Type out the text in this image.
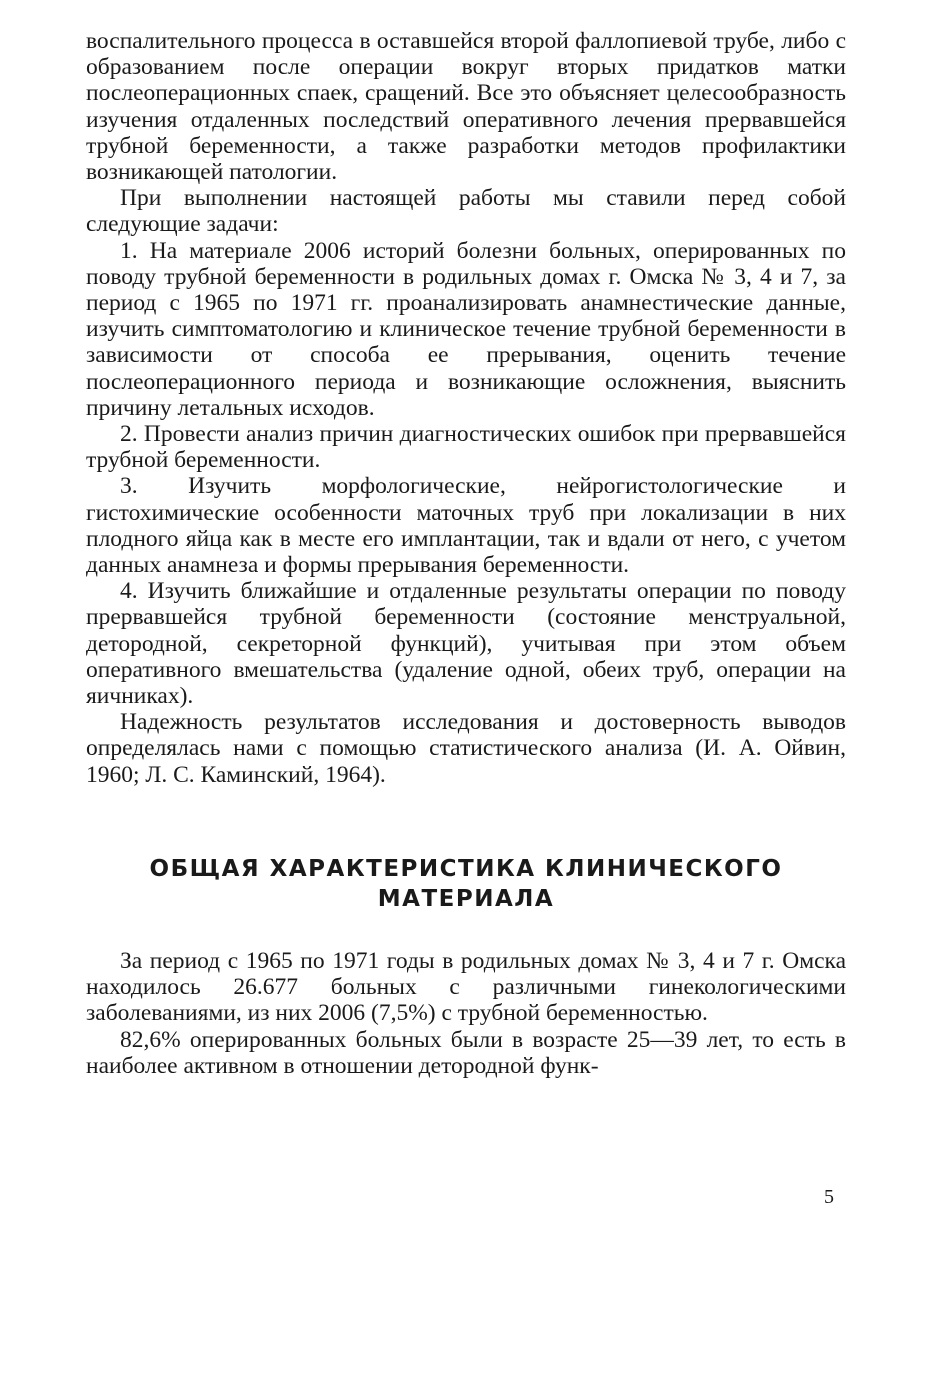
воспалительного процесса в оставшейся второй фаллопиевой трубе, либо с образованием после операции вокруг вторых придатков матки послеоперационных спаек, сращений. Все это объясняет целесообразность изучения отдаленных последствий оперативного лечения прервавшейся трубной беременности, а также разработки методов профилактики возникающей патологии.

При выполнении настоящей работы мы ставили перед собой следующие задачи:

1. На материале 2006 историй болезни больных, оперированных по поводу трубной беременности в родильных домах г. Омска № 3, 4 и 7, за период с 1965 по 1971 гг. проанализировать анамнестические данные, изучить симптоматологию и клиническое течение трубной беременности в зависимости от способа ее прерывания, оценить течение послеоперационного периода и возникающие осложнения, выяснить причину летальных исходов.

2. Провести анализ причин диагностических ошибок при прервавшейся трубной беременности.

3. Изучить морфологические, нейрогистологические и гистохимические особенности маточных труб при локализации в них плодного яйца как в месте его имплантации, так и вдали от него, с учетом данных анамнеза и формы прерывания беременности.

4. Изучить ближайшие и отдаленные результаты операции по поводу прервавшейся трубной беременности (состояние менструальной, детородной, секреторной функций), учитывая при этом объем оперативного вмешательства (удаление одной, обеих труб, операции на яичниках).

Надежность результатов исследования и достоверность выводов определялась нами с помощью статистического анализа (И. А. Ойвин, 1960; Л. С. Каминский, 1964).

ОБЩАЯ ХАРАКТЕРИСТИКА КЛИНИЧЕСКОГО МАТЕРИАЛА

За период с 1965 по 1971 годы в родильных домах № 3, 4 и 7 г. Омска находилось 26.677 больных с различными гинекологическими заболеваниями, из них 2006 (7,5%) с трубной беременностью.

82,6% оперированных больных были в возрасте 25—39 лет, то есть в наиболее активном в отношении детородной функ-

5
